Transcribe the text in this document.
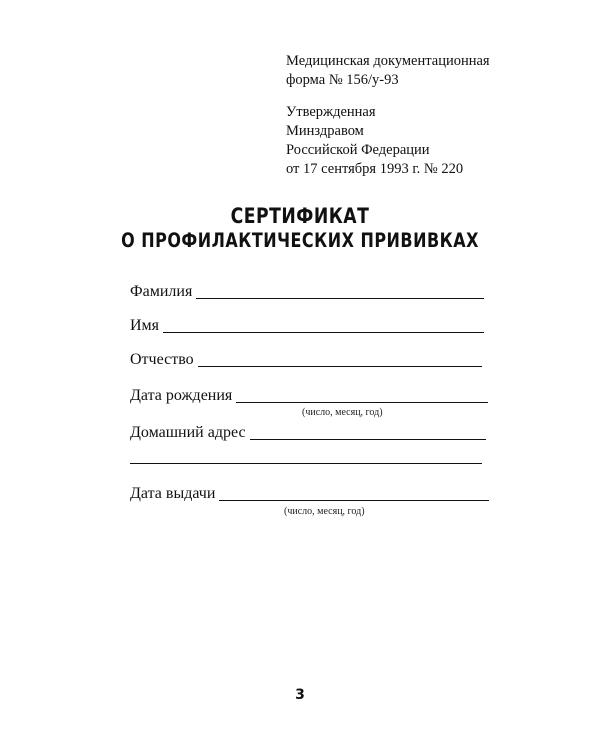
Медицинская документационная
форма № 156/у-93
Утвержденная
Минздравом
Российской Федерации
от 17 сентября 1993 г. № 220
СЕРТИФИКАТ
О ПРОФИЛАКТИЧЕСКИХ ПРИВИВКАХ
Фамилия
Имя
Отчество
Дата рождения
(число, месяц, год)
Домашний адрес
Дата выдачи
(число, месяц, год)
3
